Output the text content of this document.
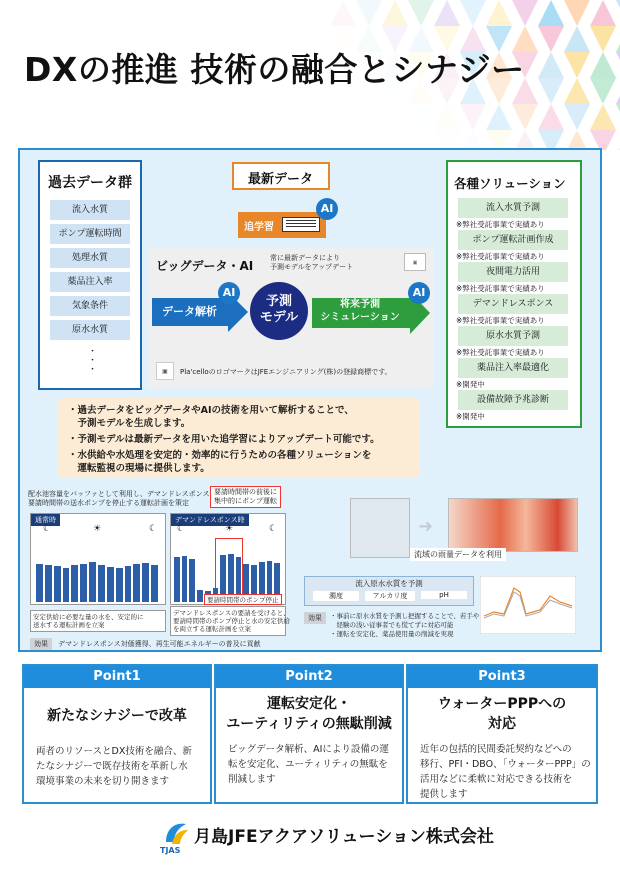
DXの推進 技術の融合とシナジー
過去データ群
・
・
・
流入水質
ポンプ運転時間
処理水質
薬品注入率
気象条件
原水水質
最新データ
追学習
AI
ビッグデータ・AI
常に最新データにより
予測モデルをアップデート	▣
データ解析
AI
予測
モデル
将来予測
シミュレーション
AI
▣	Pla'celloのロゴマークはJFEエンジニアリング(株)の登録商標です。
各種ソリューション
流入水質予測
※弊社受託事業で実績あり
ポンプ運転計画作成
※弊社受託事業で実績あり
夜間電力活用
※弊社受託事業で実績あり
デマンドレスポンス
※弊社受託事業で実績あり
原水水質予測
※弊社受託事業で実績あり
薬品注入率最適化
※開発中
設備故障予兆診断
※開発中
・過去データをビッグデータやAIの技術を用いて解析することで、
　予測モデルを生成します。
・予測モデルは最新データを用いた追学習によりアップデート可能です。
・水供給や水処理を安定的・効率的に行うための各種ソリューションを
　運転監視の現場に提供します。
配水池容量をバッファとして利用し、デマンドレスポンス
要請時間帯の送水ポンプを停止する運転計画を策定
要請時間帯の前後に
集中的にポンプ運転
通常時
☀
☾	☾
デマンドレスポンス時
☀
☾	☾
要請時間帯のポンプ停止
安定供給に必要な量の水を、安定的に
送水する運転計画を立案
デマンドレスポンスの要請を受けると、
要請時間帯のポンプ停止と水の安定供給
を両立する運転計画を立案
効果	デマンドレスポンス対価獲得、再生可能エネルギーの普及に貢献
➜
流域の雨量データを利用
流入原水水質を予測
濁度	アルカリ度	pH
効果	・事前に原水水質を予測し把握することで、若手や
　経験の浅い従事者でも慌てずに対応可能
・運転を安定化、薬品使用量の削減を実現
Point1
新たなシナジーで改革
両者のリソースとDX技術を融合、新
たなシナジーで既存技術を革新し水
環境事業の未来を切り開きます
Point2
運転安定化・
ユーティリティの無駄削減
ビッグデータ解析、AIにより設備の運
転を安定化、ユーティリティの無駄を
削減します
Point3
ウォーターPPPへの
対応
近年の包括的民間委託契約などへの
移行、PFI・DBO、「ウォーターPPP」の
活用などに柔軟に対応できる技術を
提供します
TJAS
月島JFEアクアソリューション株式会社
